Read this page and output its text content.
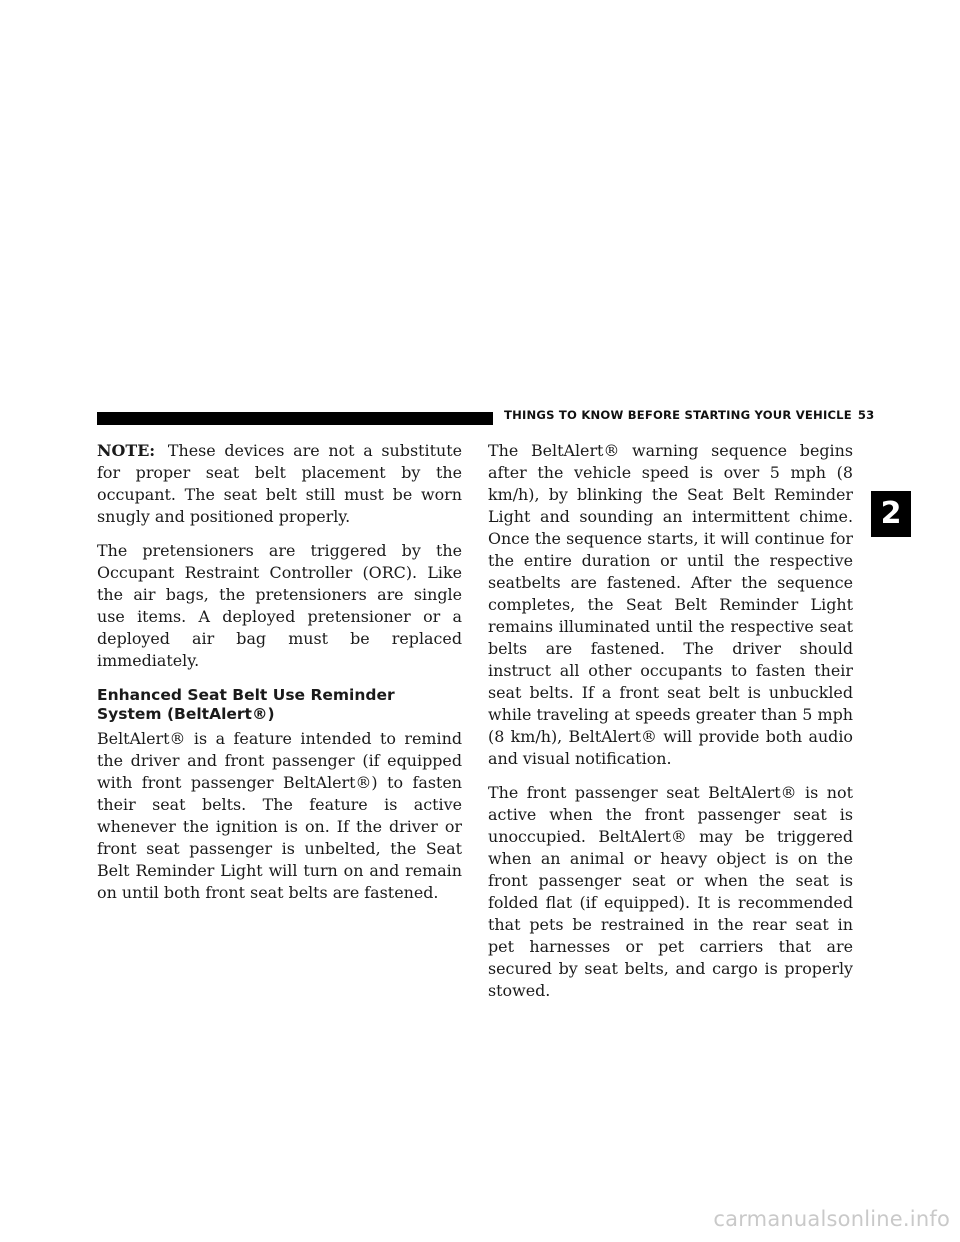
THINGS TO KNOW BEFORE STARTING YOUR VEHICLE 53

NOTE: These devices are not a substitute for proper seat belt placement by the occupant. The seat belt still must be worn snugly and positioned properly.

The pretensioners are triggered by the Occupant Restraint Controller (ORC). Like the air bags, the pretensioners are single use items. A deployed pretensioner or a deployed air bag must be replaced immediately.

Enhanced Seat Belt Use Reminder System (BeltAlert®)

BeltAlert® is a feature intended to remind the driver and front passenger (if equipped with front passenger BeltAlert®) to fasten their seat belts. The feature is active whenever the ignition is on. If the driver or front seat passenger is unbelted, the Seat Belt Reminder Light will turn on and remain on until both front seat belts are fastened.

The BeltAlert® warning sequence begins after the vehicle speed is over 5 mph (8 km/h), by blinking the Seat Belt Reminder Light and sounding an intermittent chime. Once the sequence starts, it will continue for the entire duration or until the respective seatbelts are fastened. After the sequence completes, the Seat Belt Reminder Light remains illuminated until the respective seat belts are fastened. The driver should instruct all other occupants to fasten their seat belts. If a front seat belt is unbuckled while traveling at speeds greater than 5 mph (8 km/h), BeltAlert® will provide both audio and visual notification.

The front passenger seat BeltAlert® is not active when the front passenger seat is unoccupied. BeltAlert® may be triggered when an animal or heavy object is on the front passenger seat or when the seat is folded flat (if equipped). It is recommended that pets be restrained in the rear seat in pet harnesses or pet carriers that are secured by seat belts, and cargo is properly stowed.

2
carmanualsonline.info
